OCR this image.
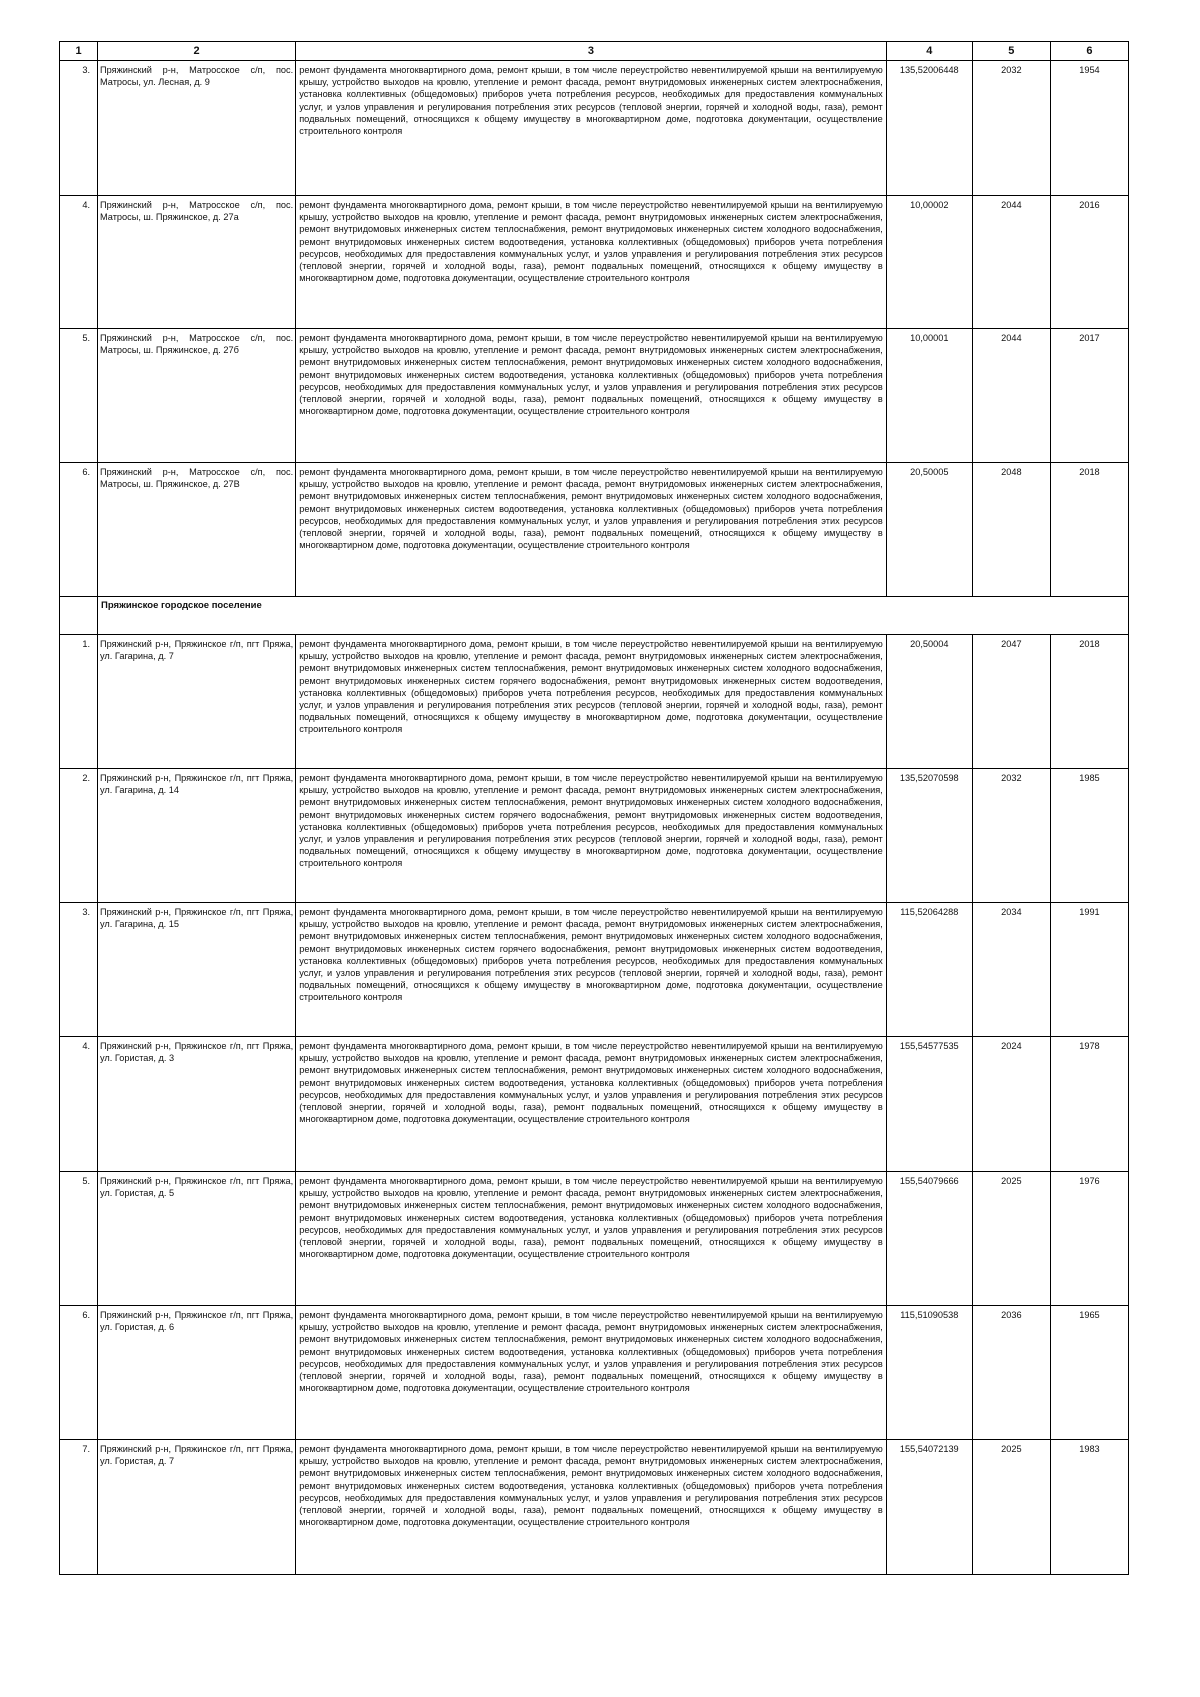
1	2	3	4	5	6
3.	Пряжинский р-н, Матросское с/п, пос. Матросы, ул. Лесная, д. 9	ремонт фундамента многоквартирного дома, ремонт крыши, в том числе переустройство невентилируемой крыши на вентилируемую крышу, устройство выходов на кровлю, утепление и ремонт фасада, ремонт внутридомовых инженерных систем электроснабжения, установка коллективных (общедомовых) приборов учета потребления ресурсов, необходимых для предоставления коммунальных услуг, и узлов управления и регулирования потребления этих ресурсов (тепловой энергии, горячей и холодной воды, газа), ремонт подвальных помещений, относящихся к общему имуществу в многоквартирном доме, подготовка документации, осуществление строительного контроля	135,52006448	2032	1954
4.	Пряжинский р-н, Матросское с/п, пос. Матросы, ш. Пряжинское, д. 27а	ремонт фундамента многоквартирного дома, ремонт крыши, в том числе переустройство невентилируемой крыши на вентилируемую крышу, устройство выходов на кровлю, утепление и ремонт фасада, ремонт внутридомовых инженерных систем электроснабжения, ремонт внутридомовых инженерных систем теплоснабжения, ремонт внутридомовых инженерных систем холодного водоснабжения, ремонт внутридомовых инженерных систем водоотведения, установка коллективных (общедомовых) приборов учета потребления ресурсов, необходимых для предоставления коммунальных услуг, и узлов управления и регулирования потребления этих ресурсов (тепловой энергии, горячей и холодной воды, газа), ремонт подвальных помещений, относящихся к общему имуществу в многоквартирном доме, подготовка документации, осуществление строительного контроля	10,00002	2044	2016
5.	Пряжинский р-н, Матросское с/п, пос. Матросы, ш. Пряжинское, д. 27б	ремонт фундамента многоквартирного дома, ремонт крыши, в том числе переустройство невентилируемой крыши на вентилируемую крышу, устройство выходов на кровлю, утепление и ремонт фасада, ремонт внутридомовых инженерных систем электроснабжения, ремонт внутридомовых инженерных систем теплоснабжения, ремонт внутридомовых инженерных систем холодного водоснабжения, ремонт внутридомовых инженерных систем водоотведения, установка коллективных (общедомовых) приборов учета потребления ресурсов, необходимых для предоставления коммунальных услуг, и узлов управления и регулирования потребления этих ресурсов (тепловой энергии, горячей и холодной воды, газа), ремонт подвальных помещений, относящихся к общему имуществу в многоквартирном доме, подготовка документации, осуществление строительного контроля	10,00001	2044	2017
6.	Пряжинский р-н, Матросское с/п, пос. Матросы, ш. Пряжинское, д. 27В	ремонт фундамента многоквартирного дома, ремонт крыши, в том числе переустройство невентилируемой крыши на вентилируемую крышу, устройство выходов на кровлю, утепление и ремонт фасада, ремонт внутридомовых инженерных систем электроснабжения, ремонт внутридомовых инженерных систем теплоснабжения, ремонт внутридомовых инженерных систем холодного водоснабжения, ремонт внутридомовых инженерных систем водоотведения, установка коллективных (общедомовых) приборов учета потребления ресурсов, необходимых для предоставления коммунальных услуг, и узлов управления и регулирования потребления этих ресурсов (тепловой энергии, горячей и холодной воды, газа), ремонт подвальных помещений, относящихся к общему имуществу в многоквартирном доме, подготовка документации, осуществление строительного контроля	20,50005	2048	2018
	Пряжинское городское поселение				
1.	Пряжинский р-н, Пряжинское г/п, пгт Пряжа, ул. Гагарина, д. 7	ремонт фундамента многоквартирного дома, ремонт крыши, в том числе переустройство невентилируемой крыши на вентилируемую крышу, устройство выходов на кровлю, утепление и ремонт фасада, ремонт внутридомовых инженерных систем электроснабжения, ремонт внутридомовых инженерных систем теплоснабжения, ремонт внутридомовых инженерных систем холодного водоснабжения, ремонт внутридомовых инженерных систем горячего водоснабжения, ремонт внутридомовых инженерных систем водоотведения, установка коллективных (общедомовых) приборов учета потребления ресурсов, необходимых для предоставления коммунальных услуг, и узлов управления и регулирования потребления этих ресурсов (тепловой энергии, горячей и холодной воды, газа), ремонт подвальных помещений, относящихся к общему имуществу в многоквартирном доме, подготовка документации, осуществление строительного контроля	20,50004	2047	2018
2.	Пряжинский р-н, Пряжинское г/п, пгт Пряжа, ул. Гагарина, д. 14	ремонт фундамента многоквартирного дома, ремонт крыши, в том числе переустройство невентилируемой крыши на вентилируемую крышу, устройство выходов на кровлю, утепление и ремонт фасада, ремонт внутридомовых инженерных систем электроснабжения, ремонт внутридомовых инженерных систем теплоснабжения, ремонт внутридомовых инженерных систем холодного водоснабжения, ремонт внутридомовых инженерных систем горячего водоснабжения, ремонт внутридомовых инженерных систем водоотведения, установка коллективных (общедомовых) приборов учета потребления ресурсов, необходимых для предоставления коммунальных услуг, и узлов управления и регулирования потребления этих ресурсов (тепловой энергии, горячей и холодной воды, газа), ремонт подвальных помещений, относящихся к общему имуществу в многоквартирном доме, подготовка документации, осуществление строительного контроля	135,52070598	2032	1985
3.	Пряжинский р-н, Пряжинское г/п, пгт Пряжа, ул. Гагарина, д. 15	ремонт фундамента многоквартирного дома, ремонт крыши, в том числе переустройство невентилируемой крыши на вентилируемую крышу, устройство выходов на кровлю, утепление и ремонт фасада, ремонт внутридомовых инженерных систем электроснабжения, ремонт внутридомовых инженерных систем теплоснабжения, ремонт внутридомовых инженерных систем холодного водоснабжения, ремонт внутридомовых инженерных систем горячего водоснабжения, ремонт внутридомовых инженерных систем водоотведения, установка коллективных (общедомовых) приборов учета потребления ресурсов, необходимых для предоставления коммунальных услуг, и узлов управления и регулирования потребления этих ресурсов (тепловой энергии, горячей и холодной воды, газа), ремонт подвальных помещений, относящихся к общему имуществу в многоквартирном доме, подготовка документации, осуществление строительного контроля	115,52064288	2034	1991
4.	Пряжинский р-н, Пряжинское г/п, пгт Пряжа, ул. Гористая, д. 3	ремонт фундамента многоквартирного дома, ремонт крыши, в том числе переустройство невентилируемой крыши на вентилируемую крышу, устройство выходов на кровлю, утепление и ремонт фасада, ремонт внутридомовых инженерных систем электроснабжения, ремонт внутридомовых инженерных систем теплоснабжения, ремонт внутридомовых инженерных систем холодного водоснабжения, ремонт внутридомовых инженерных систем водоотведения, установка коллективных (общедомовых) приборов учета потребления ресурсов, необходимых для предоставления коммунальных услуг, и узлов управления и регулирования потребления этих ресурсов (тепловой энергии, горячей и холодной воды, газа), ремонт подвальных помещений, относящихся к общему имуществу в многоквартирном доме, подготовка документации, осуществление строительного контроля	155,54577535	2024	1978
5.	Пряжинский р-н, Пряжинское г/п, пгт Пряжа, ул. Гористая, д. 5	ремонт фундамента многоквартирного дома, ремонт крыши, в том числе переустройство невентилируемой крыши на вентилируемую крышу, устройство выходов на кровлю, утепление и ремонт фасада, ремонт внутридомовых инженерных систем электроснабжения, ремонт внутридомовых инженерных систем теплоснабжения, ремонт внутридомовых инженерных систем холодного водоснабжения, ремонт внутридомовых инженерных систем водоотведения, установка коллективных (общедомовых) приборов учета потребления ресурсов, необходимых для предоставления коммунальных услуг, и узлов управления и регулирования потребления этих ресурсов (тепловой энергии, горячей и холодной воды, газа), ремонт подвальных помещений, относящихся к общему имуществу в многоквартирном доме, подготовка документации, осуществление строительного контроля	155,54079666	2025	1976
6.	Пряжинский р-н, Пряжинское г/п, пгт Пряжа, ул. Гористая, д. 6	ремонт фундамента многоквартирного дома, ремонт крыши, в том числе переустройство невентилируемой крыши на вентилируемую крышу, устройство выходов на кровлю, утепление и ремонт фасада, ремонт внутридомовых инженерных систем электроснабжения, ремонт внутридомовых инженерных систем теплоснабжения, ремонт внутридомовых инженерных систем холодного водоснабжения, ремонт внутридомовых инженерных систем водоотведения, установка коллективных (общедомовых) приборов учета потребления ресурсов, необходимых для предоставления коммунальных услуг, и узлов управления и регулирования потребления этих ресурсов (тепловой энергии, горячей и холодной воды, газа), ремонт подвальных помещений, относящихся к общему имуществу в многоквартирном доме, подготовка документации, осуществление строительного контроля	115,51090538	2036	1965
7.	Пряжинский р-н, Пряжинское г/п, пгт Пряжа, ул. Гористая, д. 7	ремонт фундамента многоквартирного дома, ремонт крыши, в том числе переустройство невентилируемой крыши на вентилируемую крышу, устройство выходов на кровлю, утепление и ремонт фасада, ремонт внутридомовых инженерных систем электроснабжения, ремонт внутридомовых инженерных систем теплоснабжения, ремонт внутридомовых инженерных систем холодного водоснабжения, ремонт внутридомовых инженерных систем водоотведения, установка коллективных (общедомовых) приборов учета потребления ресурсов, необходимых для предоставления коммунальных услуг, и узлов управления и регулирования потребления этих ресурсов (тепловой энергии, горячей и холодной воды, газа), ремонт подвальных помещений, относящихся к общему имуществу в многоквартирном доме, подготовка документации, осуществление строительного контроля	155,54072139	2025	1983
